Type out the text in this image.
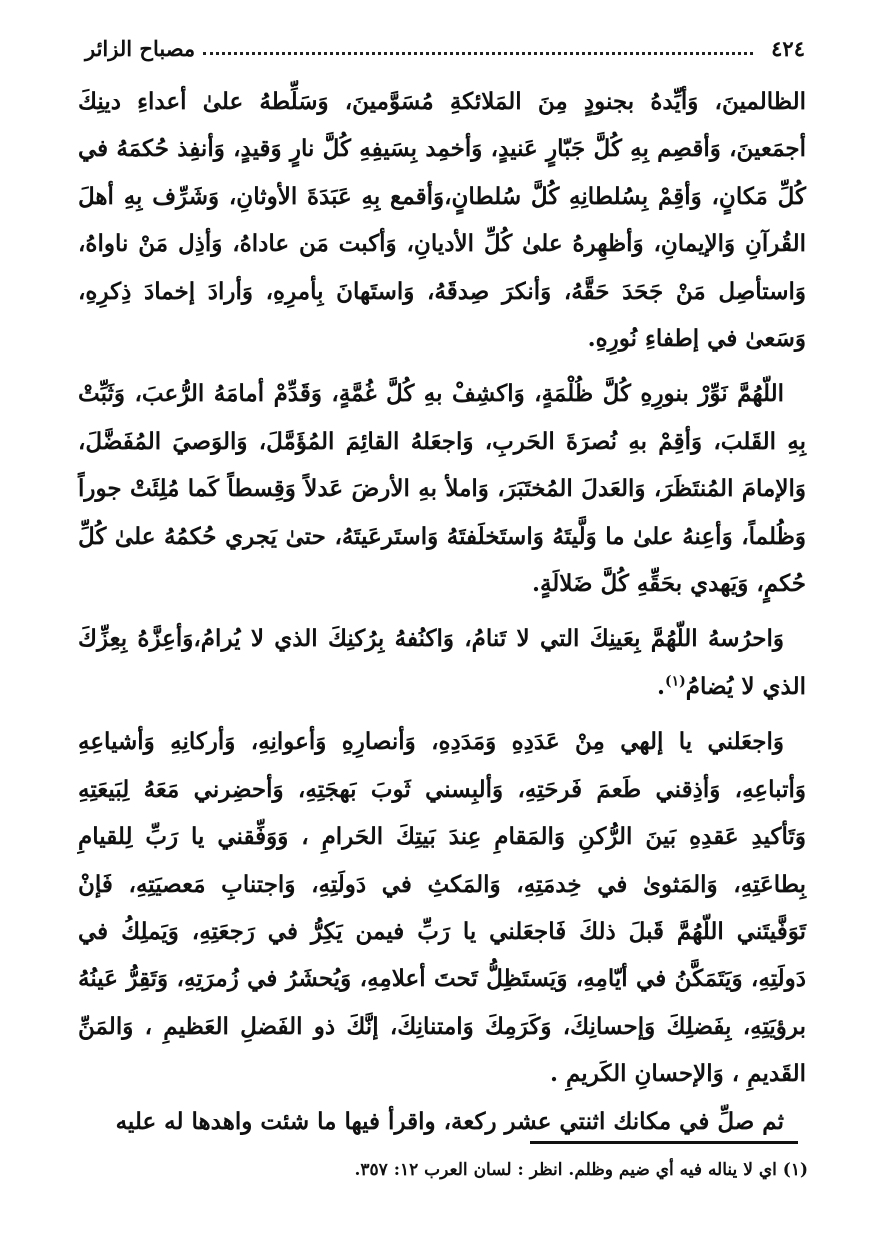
٤٢٤
مصباح الزائر

الظالمينَ، وَأيِّدهُ بجنودٍ مِنَ المَلائكةِ مُسَوَّمينَ، وَسَلِّطهُ علىٰ أعداءِ دينِكَ أجمَعينَ، وَأقصِم بِهِ كُلَّ جَبّارٍ عَنيدٍ، وَأخمِد بِسَيفِهِ كُلَّ نارٍ وَقيدٍ، وَأنفِذ حُكمَهُ في كُلِّ مَكانٍ، وَأقِمْ بِسُلطانِهِ كُلَّ سُلطانٍ،وَأقمع بِهِ عَبَدَةَ الأوثانِ، وَشَرِّف بِهِ أهلَ القُرآنِ وَالإيمانِ، وَأظهِرهُ علىٰ كُلِّ الأديانِ، وَأكبت مَن عاداهُ، وَأذِل مَنْ ناواهُ، وَاستأصِل مَنْ جَحَدَ حَقَّهُ، وَأنكرَ صِدقَهُ، وَاستَهانَ بِأمرِهِ، وَأرادَ إخمادَ ذِكرِهِ، وَسَعىٰ في إطفاءِ نُورِهِ.

اللّهُمَّ نَوِّرْ بنورِهِ كُلَّ ظُلْمَةٍ، وَاكشِفْ بهِ كُلَّ غُمَّةٍ، وَقَدِّمْ أمامَهُ الرُّعبَ، وَثَبِّتْ بِهِ القَلبَ، وَأقِمْ بهِ نُصرَةَ الحَربِ، وَاجعَلهُ القائِمَ المُؤَمَّلَ، وَالوَصيَ المُفَضَّلَ، وَالإمامَ المُنتَظَرَ، وَالعَدلَ المُختَبَرَ، وَاملأ بهِ الأرضَ عَدلاً وَقِسطاً كَما مُلِئَتْ جوراً وَظُلماً، وَأعِنهُ علىٰ ما وَلَّيتَهُ وَاستَخلَفتَهُ وَاستَرعَيتَهُ، حتىٰ يَجري حُكمُهُ علىٰ كُلِّ حُكمٍ، وَيَهدي بحَقِّهِ كُلَّ ضَلالَةٍ.

وَاحرُسهُ اللّهُمَّ بِعَينِكَ التي لا تَنامُ، وَاكنُفهُ بِرُكنِكَ الذي لا يُرامُ،وَأعِزَّهُ بِعِزِّكَ الذي لا يُضامُ$^{(١)}$.

وَاجعَلني يا إلهي مِنْ عَدَدِهِ وَمَدَدِهِ، وَأنصارِهِ وَأعوانِهِ، وَأركانِهِ وَأشياعِهِ وَأتباعِهِ، وَأذِقني طَعمَ فَرحَتِهِ، وَألبِسني ثَوبَ بَهجَتِهِ، وَأحضِرني مَعَهُ لِبَيعَتِهِ وَتَأكيدِ عَقدِهِ بَينَ الرُّكنِ وَالمَقامِ عِندَ بَيتِكَ الحَرامِ ، وَوَفِّقني يا رَبِّ لِلقيامِ بِطاعَتِهِ، وَالمَثوىٰ في خِدمَتِهِ، وَالمَكثِ في دَولَتِهِ، وَاجتنابِ مَعصيَتِهِ، فَإنْ تَوَفَّيتَني اللّهُمَّ قَبلَ ذلكَ فَاجعَلني يا رَبِّ فيمن يَكِرُّ في رَجعَتِهِ، وَيَملِكُ في دَولَتِهِ، وَيَتَمَكَّنُ في أيّامِهِ، وَيَستَظِلُّ تَحتَ أعلامِهِ، وَيُحشَرُ في زُمرَتِهِ، وَتَقِرُّ عَينُهُ برؤيَتِهِ، بِفَضلِكَ وَإحسانِكَ، وَكَرَمِكَ وَامتنانِكَ، إنَّكَ ذو الفَضلِ العَظيمِ ، وَالمَنِّ القَديمِ ، وَالإحسانِ الكَريمِ .

ثم صلِّ في مكانك اثنتي عشر ركعة، واقرأ فيها ما شئت واهدها له عليه

(١) اي لا يناله فيه أي ضيم وظلم. انظر : لسان العرب ١٢: ٣٥٧.
